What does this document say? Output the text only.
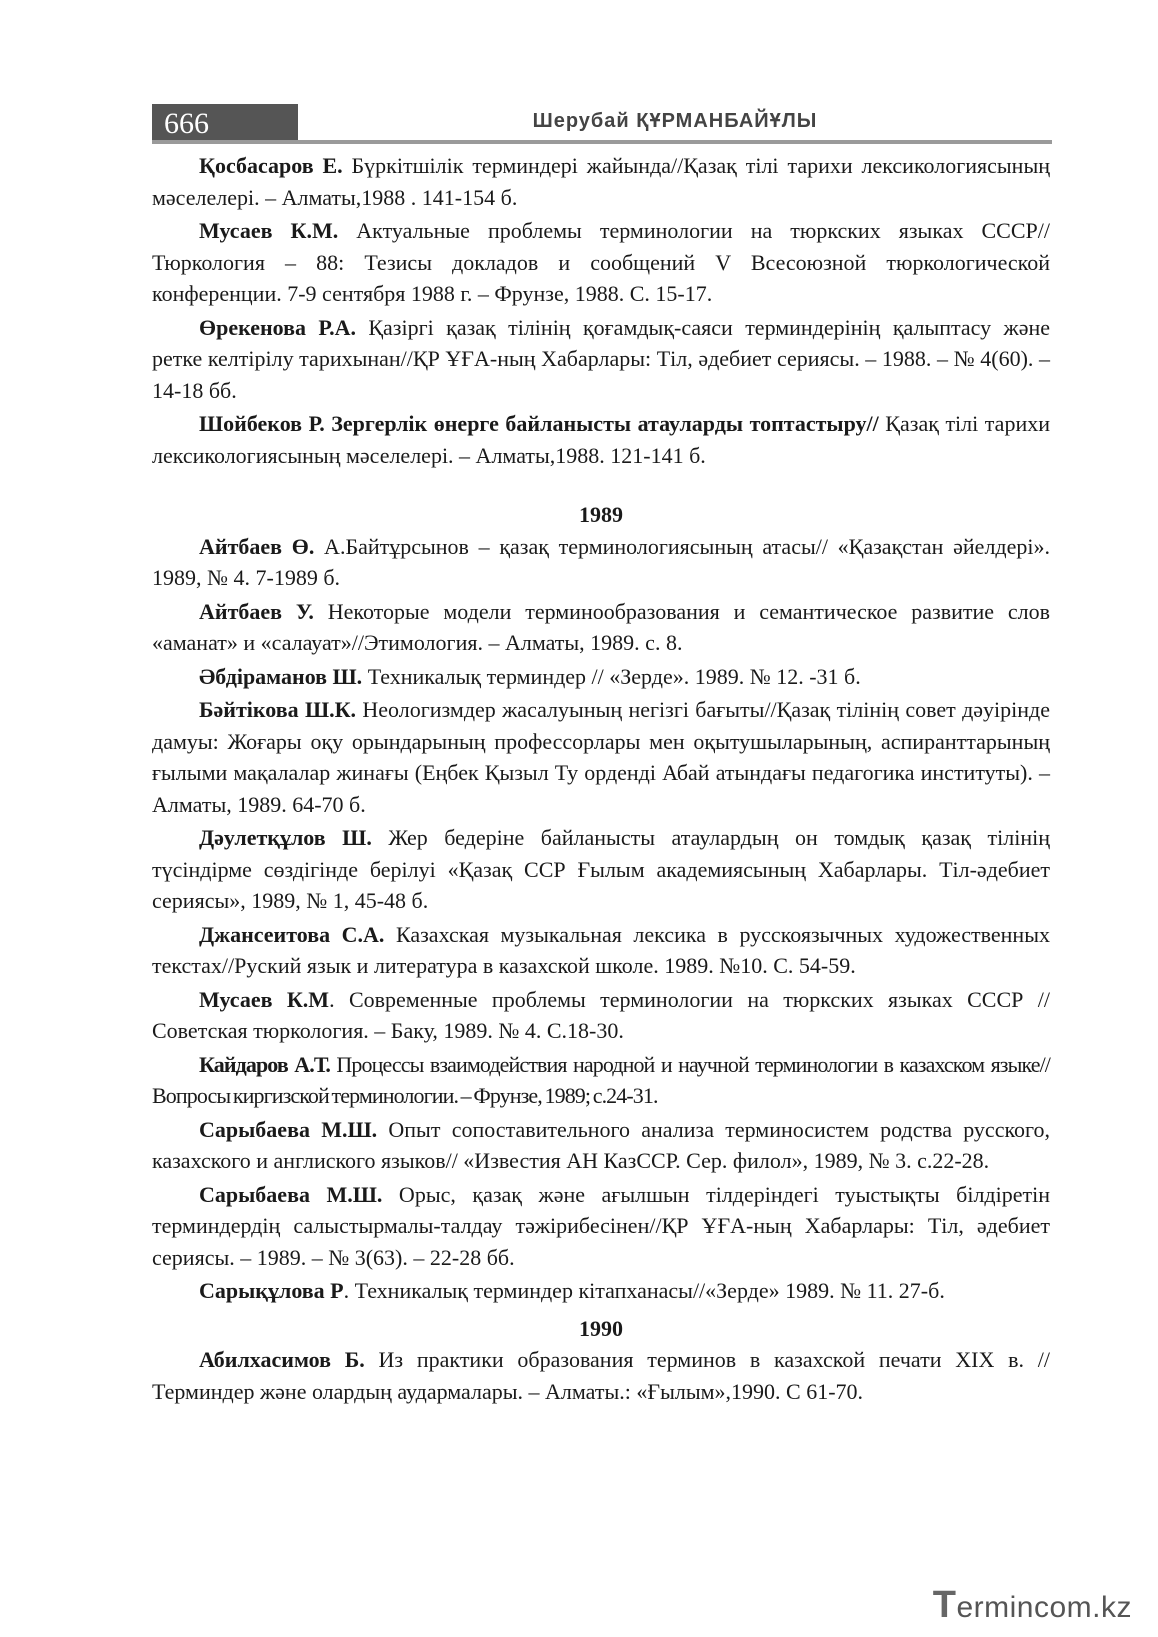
666	Шерубай ҚҰРМАНБАЙҰЛЫ

Қосбасаров Е. Бүркітшілік терминдері жайында//Қазақ тілі тарихи лексикологиясының мәселелері. – Алматы,1988 . 141-154 б.

Мусаев К.М. Актуальные проблемы терминологии на тюркских языках СССР// Тюркология – 88: Тезисы докладов и сообщений V Всесоюзной тюркологической конференции. 7-9 сентября 1988 г. – Фрунзе, 1988. С. 15-17.

Өрекенова Р.А. Қазіргі қазақ тілінің қоғамдық-саяси терминдерінің қалыптасу және ретке келтірілу тарихынан//ҚР ҰҒА-ның Хабарлары: Тіл, әдебиет сериясы. – 1988. – № 4(60). – 14-18 бб.

Шойбеков Р. Зергерлік өнерге байланысты атауларды топтастыру// Қазақ тілі тарихи лексикологиясының мәселелері. – Алматы,1988. 121-141 б.

1989

Айтбаев Ө. А.Байтұрсынов – қазақ терминологиясының атасы// «Қазақстан әйелдері». 1989, № 4. 7-1989 б.

Айтбаев У. Некоторые модели терминообразования и семантическое развитие слов «аманат» и «салауат»//Этимология. – Алматы, 1989. с. 8.

Әбдіраманов Ш. Техникалық терминдер // «Зерде». 1989. № 12. -31 б.

Бәйтікова Ш.К. Неологизмдер жасалуының негізгі бағыты//Қазақ тілінің совет дәуірінде дамуы: Жоғары оқу орындарының профессорлары мен оқытушыларының, аспиранттарының ғылыми мақалалар жинағы (Еңбек Қызыл Ту орденді Абай атындағы педагогика институты). – Алматы, 1989. 64-70 б.

Дәулетқұлов Ш. Жер бедеріне байланысты атаулардың он томдық қазақ тілінің түсіндірме сөздігінде берілуі «Қазақ ССР Ғылым академиясының Хабарлары. Тіл-әдебиет сериясы», 1989, № 1, 45-48 б.

Джансеитова С.А. Казахская музыкальная лексика в русскоязычных художественных текстах//Руский язык и литература в казахской школе. 1989. №10. С. 54-59.

Мусаев К.М. Современные проблемы терминологии на тюркских языках СССР // Советская тюркология. – Баку, 1989. № 4. С.18-30.

Кайдаров А.Т. Процессы взаимодействия народной и научной терминологии в казахском языке//Вопросы киргизской терминологии. – Фрунзе, 1989; с.24-31.

Сарыбаева М.Ш. Опыт сопоставительного анализа терминосистем родства русского, казахского и англиского языков// «Известия АН КазССР. Сер. филол», 1989, № 3. с.22-28.

Сарыбаева М.Ш. Орыс, қазақ және ағылшын тілдеріндегі туыстықты білдіретін терминдердің салыстырмалы-талдау тәжірибесінен//ҚР ҰҒА-ның Хабарлары: Тіл, әдебиет сериясы. – 1989. – № 3(63). – 22-28 бб.

Сарықұлова Р. Техникалық терминдер кітапханасы//«Зерде» 1989. № 11. 27-б.

1990

Абилхасимов Б. Из практики образования терминов в казахской печати XIX в. //Терминдер және олардың аудармалары. – Алматы.: «Ғылым»,1990. С 61-70.

Termincom.kz
